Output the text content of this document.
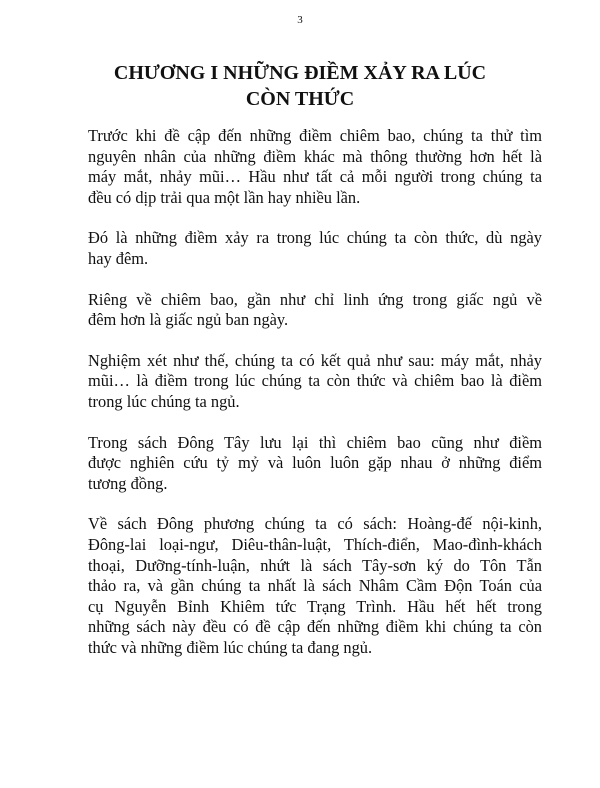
3
CHƯƠNG I NHỮNG ĐIỀM XẢY RA LÚC
CÒN THỨC

Trước khi đề cập đến những điềm chiêm bao, chúng ta thử tìm
nguyên nhân của những điềm khác mà thông thường hơn hết là
máy mắt, nhảy mũi… Hầu như tất cả mỗi người trong chúng ta
đều có dịp trải qua một lần hay nhiều lần.

Đó là những điềm xảy ra trong lúc chúng ta còn thức, dù ngày
hay đêm.

Riêng về chiêm bao, gần như chỉ linh ứng trong giấc ngủ về
đêm hơn là giấc ngủ ban ngày.

Nghiệm xét như thế, chúng ta có kết quả như sau: máy mắt, nhảy
mũi… là điềm trong lúc chúng ta còn thức và chiêm bao là điềm
trong lúc chúng ta ngủ.

Trong sách Đông Tây lưu lại thì chiêm bao cũng như điềm
được nghiên cứu tỷ mỷ và luôn luôn gặp nhau ở những điểm
tương đồng.

Về sách Đông phương chúng ta có sách: Hoàng-đế nội-kinh,
Đông-lai loại-ngư, Diêu-thân-luật, Thích-điển, Mao-đình-khách
thoại, Dưỡng-tính-luận, nhứt là sách Tây-sơn ký do Tôn Tẫn
thảo ra, và gần chúng ta nhất là sách Nhâm Cầm Độn Toán của
cụ Nguyễn Bỉnh Khiêm tức Trạng Trình. Hầu hết hết trong
những sách này đều có đề cập đến những điềm khi chúng ta còn
thức và những điềm lúc chúng ta đang ngủ.
